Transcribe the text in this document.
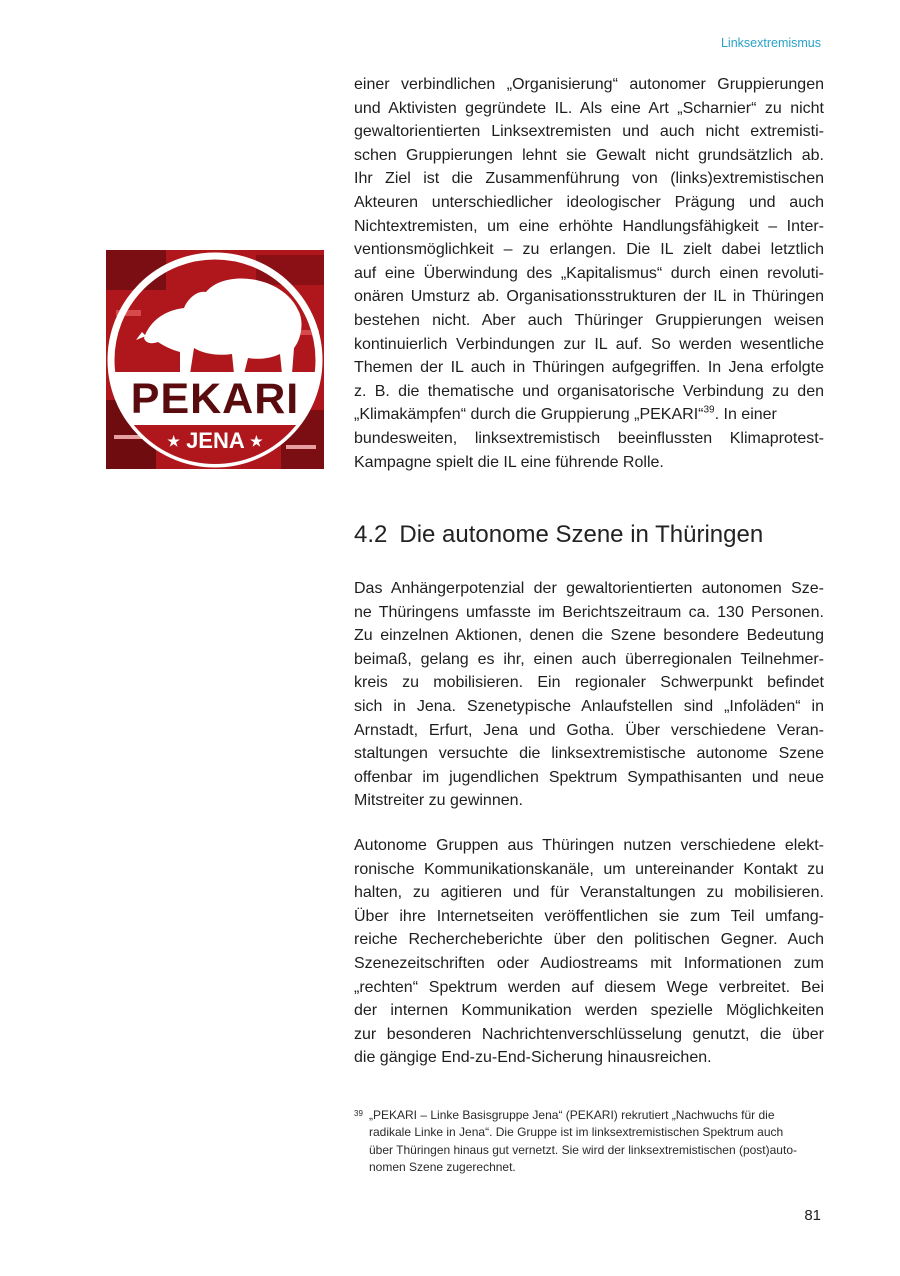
Linksextremismus
PEKARI
★ JENA ★

einer verbindlichen „Organisierung“ autonomer Gruppierungen
und Aktivisten gegründete IL. Als eine Art „Scharnier“ zu nicht
gewaltorientierten Linksextremisten und auch nicht extremisti-
schen Gruppierungen lehnt sie Gewalt nicht grundsätzlich ab.
Ihr Ziel ist die Zusammenführung von (links)extremistischen
Akteuren unterschiedlicher ideologischer Prägung und auch
Nichtextremisten, um eine erhöhte Handlungsfähigkeit – Inter-
ventionsmöglichkeit – zu erlangen. Die IL zielt dabei letztlich
auf eine Überwindung des „Kapitalismus“ durch einen revoluti-
onären Umsturz ab. Organisationsstrukturen der IL in Thüringen
bestehen nicht. Aber auch Thüringer Gruppierungen weisen
kontinuierlich Verbindungen zur IL auf. So werden wesentliche
Themen der IL auch in Thüringen aufgegriffen. In Jena erfolgte
z. B. die thematische und organisatorische Verbindung zu den
„Klimakämpfen“ durch die Gruppierung „PEKARI“$^{39}$. In einer
bundesweiten, linksextremistisch beeinflussten Klimaprotest-
Kampagne spielt die IL eine führende Rolle.

4.2 Die autonome Szene in Thüringen

Das Anhängerpotenzial der gewaltorientierten autonomen Sze-
ne Thüringens umfasste im Berichtszeitraum ca. 130 Personen.
Zu einzelnen Aktionen, denen die Szene besondere Bedeutung
beimaß, gelang es ihr, einen auch überregionalen Teilnehmer-
kreis zu mobilisieren. Ein regionaler Schwerpunkt befindet
sich in Jena. Szenetypische Anlaufstellen sind „Infoläden“ in
Arnstadt, Erfurt, Jena und Gotha. Über verschiedene Veran-
staltungen versuchte die linksextremistische autonome Szene
offenbar im jugendlichen Spektrum Sympathisanten und neue
Mitstreiter zu gewinnen.

Autonome Gruppen aus Thüringen nutzen verschiedene elekt-
ronische Kommunikationskanäle, um untereinander Kontakt zu
halten, zu agitieren und für Veranstaltungen zu mobilisieren.
Über ihre Internetseiten veröffentlichen sie zum Teil umfang-
reiche Rechercheberichte über den politischen Gegner. Auch
Szenezeitschriften oder Audiostreams mit Informationen zum
„rechten“ Spektrum werden auf diesem Wege verbreitet. Bei
der internen Kommunikation werden spezielle Möglichkeiten
zur besonderen Nachrichtenverschlüsselung genutzt, die über
die gängige End-zu-End-Sicherung hinausreichen.

39 „PEKARI – Linke Basisgruppe Jena“ (PEKARI) rekrutiert „Nachwuchs für die
radikale Linke in Jena“. Die Gruppe ist im linksextremistischen Spektrum auch
über Thüringen hinaus gut vernetzt. Sie wird der linksextremistischen (post)auto-
nomen Szene zugerechnet.
81
